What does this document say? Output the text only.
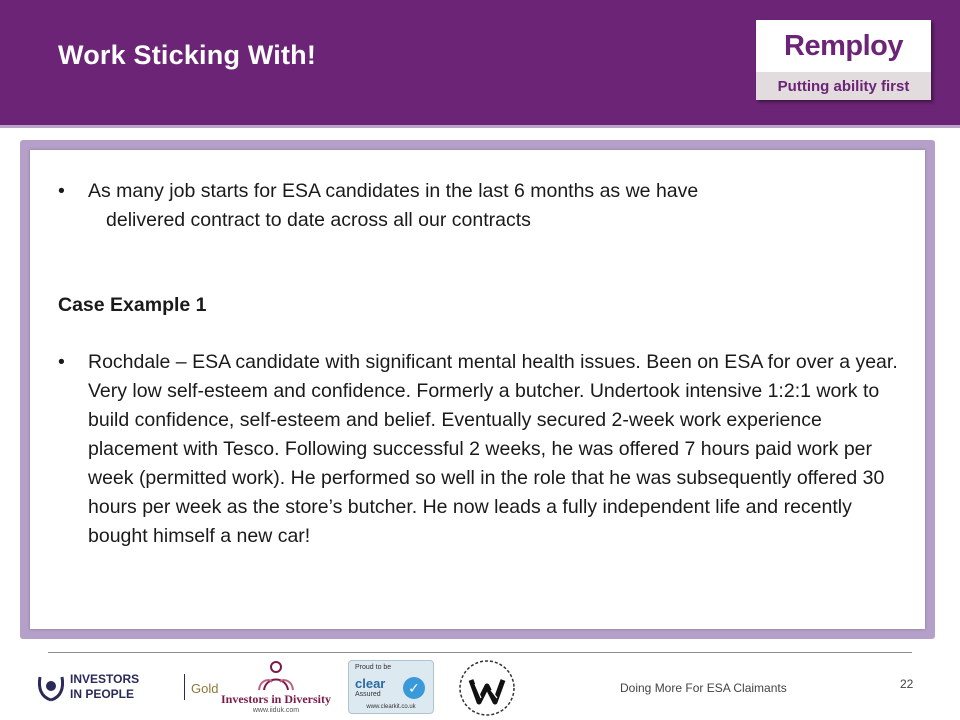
Work Sticking With!	Remploy
Putting ability first

•	As many job starts for ESA candidates in the last 6 months as we have
delivered contract to date across all our contracts

Case Example 1

•	Rochdale – ESA candidate with significant mental health issues. Been on ESA for over a year. Very low self-esteem and confidence. Formerly a butcher. Undertook intensive 1:2:1 work to build confidence, self-esteem and belief. Eventually secured 2-week work experience placement with Tesco. Following successful 2 weeks, he was offered 7 hours paid work per week (permitted work). He performed so well in the role that he was subsequently offered 30 hours per week as the store’s butcher. He now leads a fully independent life and recently bought himself a new car!

INVESTORS
IN PEOPLE	Gold
Investors in Diversity
www.iiduk.com
Proud to be
clear
Assured	✓
www.clearkit.co.uk
Doing More For ESA Claimants	22
